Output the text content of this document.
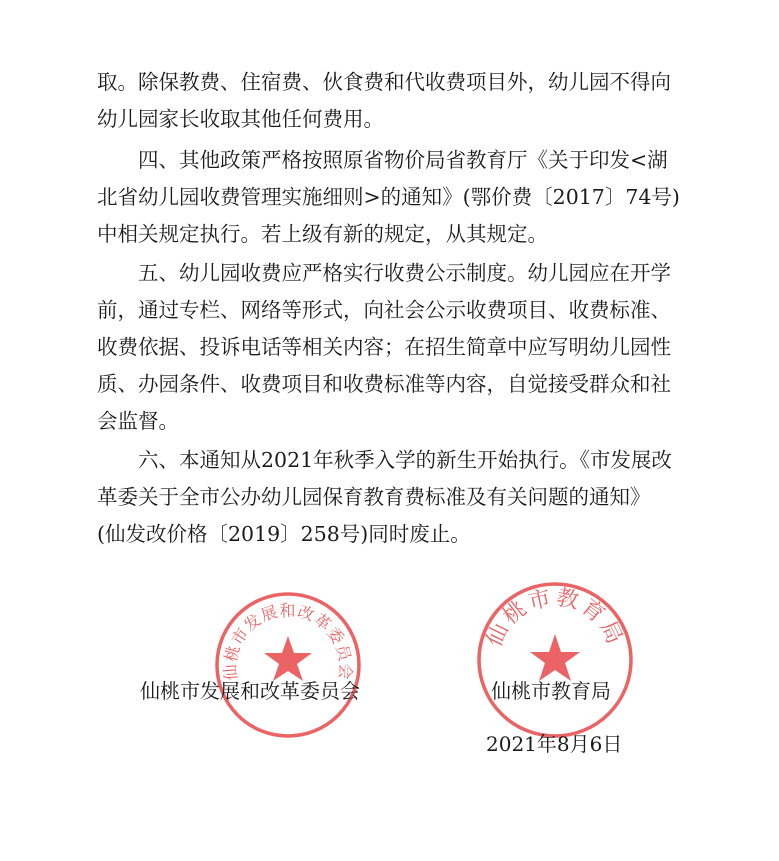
取。除保教费、住宿费、伙食费和代收费项目外，幼儿园不得向
幼儿园家长收取其他任何费用。
四、其他政策严格按照原省物价局省教育厅《关于印发<湖
北省幼儿园收费管理实施细则>的通知》(鄂价费〔2017〕74号)
中相关规定执行。若上级有新的规定，从其规定。
五、幼儿园收费应严格实行收费公示制度。幼儿园应在开学
前，通过专栏、网络等形式，向社会公示收费项目、收费标准、
收费依据、投诉电话等相关内容；在招生简章中应写明幼儿园性
质、办园条件、收费项目和收费标准等内容，自觉接受群众和社
会监督。
六、本通知从2021年秋季入学的新生开始执行。《市发展改
革委关于全市公办幼儿园保育教育费标准及有关问题的通知》
(仙发改价格〔2019〕258号)同时废止。
仙桃市发展和改革委员会
仙桃市教育局
仙桃市发展和改革委员会	仙桃市教育局
2021年8月6日
